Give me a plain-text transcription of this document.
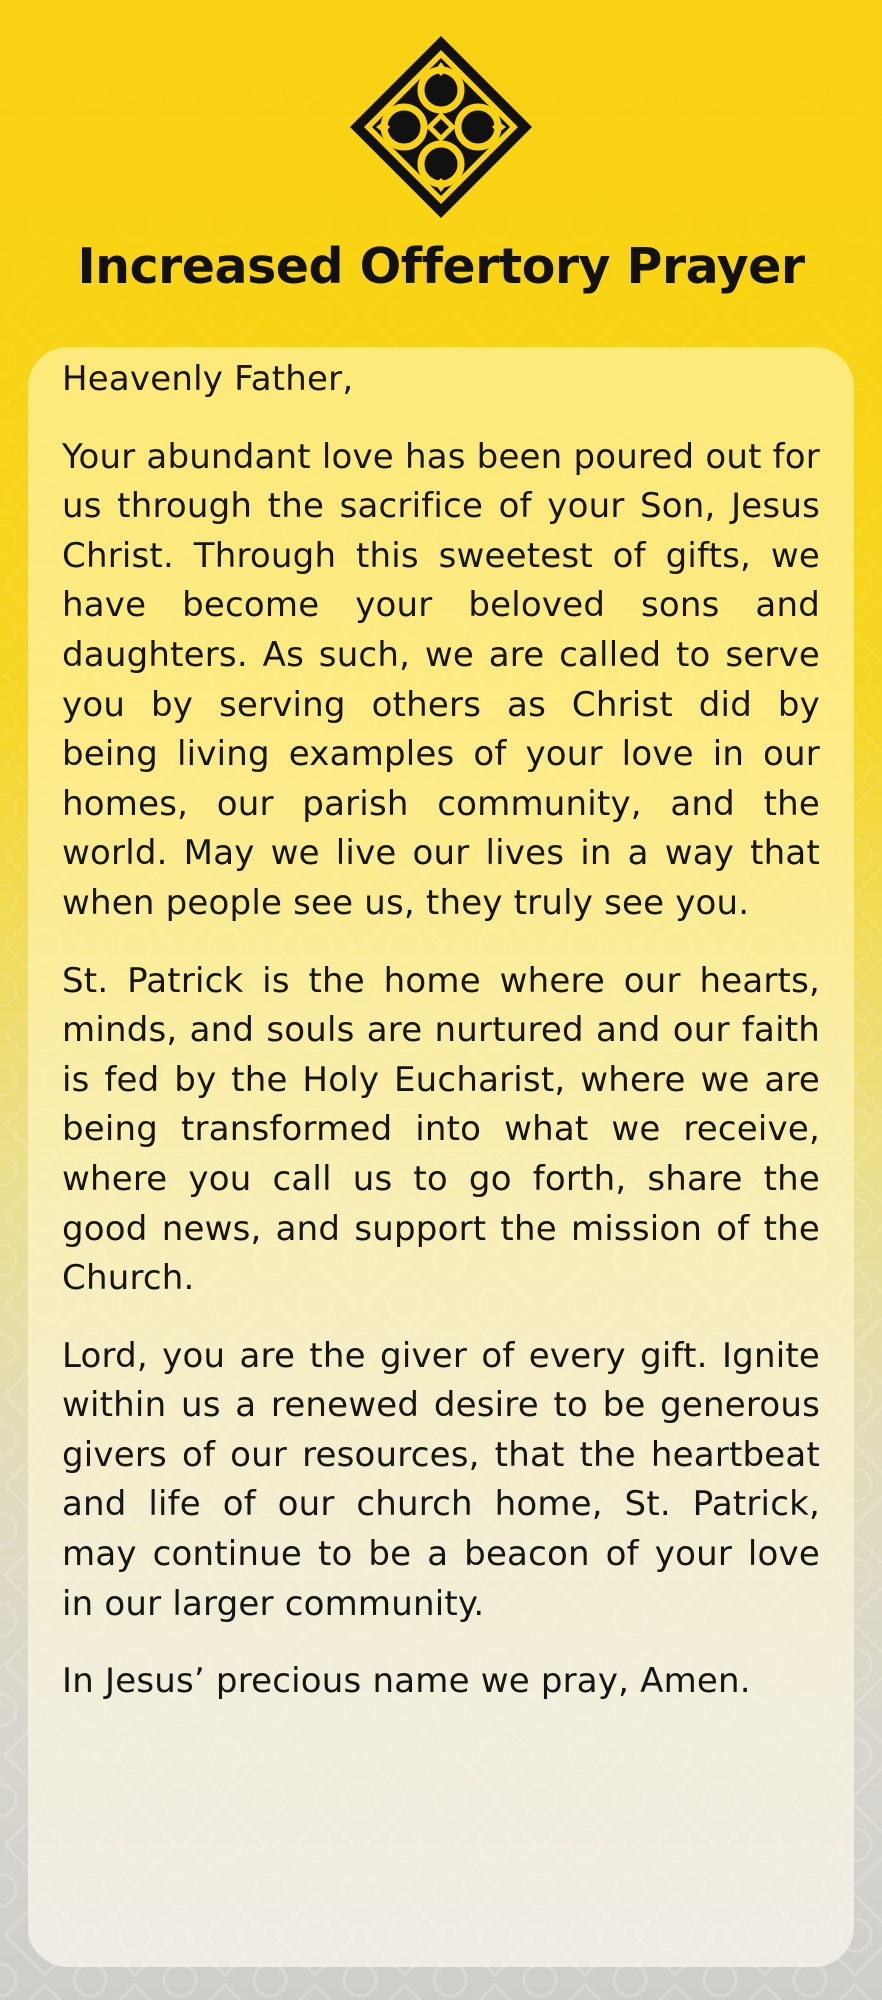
Increased Offertory Prayer

Heavenly Father,

Your abundant love has been poured out for us through the sacrifice of your Son, Jesus Christ. Through this sweetest of gifts, we have become your beloved sons and daughters. As such, we are called to serve you by serving others as Christ did by being living examples of your love in our homes, our parish community, and the world. May we live our lives in a way that when people see us, they truly see you.

St. Patrick is the home where our hearts, minds, and souls are nurtured and our faith is fed by the Holy Eucharist, where we are being transformed into what we receive, where you call us to go forth, share the good news, and support the mission of the Church.

Lord, you are the giver of every gift. Ignite within us a renewed desire to be generous givers of our resources, that the heartbeat and life of our church home, St. Patrick, may continue to be a beacon of your love in our larger community.

In Jesus’ precious name we pray, Amen.
